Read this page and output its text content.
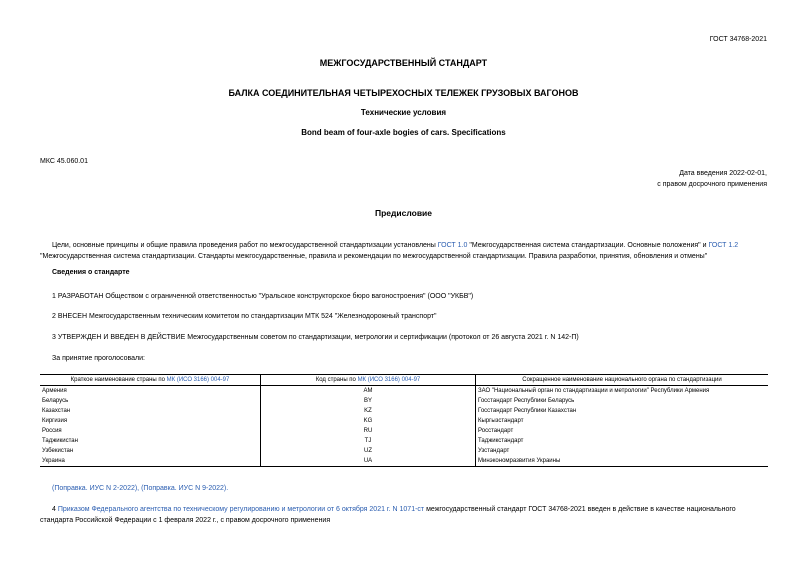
ГОСТ 34768-2021
МЕЖГОСУДАРСТВЕННЫЙ СТАНДАРТ
БАЛКА СОЕДИНИТЕЛЬНАЯ ЧЕТЫРЕХОСНЫХ ТЕЛЕЖЕК ГРУЗОВЫХ ВАГОНОВ
Технические условия
Bond beam of four-axle bogies of cars. Specifications
МКС 45.060.01
Дата введения 2022-02-01,
с правом досрочного применения
Предисловие
Цели, основные принципы и общие правила проведения работ по межгосударственной стандартизации установлены ГОСТ 1.0 "Межгосударственная система стандартизации. Основные положения" и ГОСТ 1.2 "Межгосударственная система стандартизации. Стандарты межгосударственные, правила и рекомендации по межгосударственной стандартизации. Правила разработки, принятия, обновления и отмены"
Сведения о стандарте
1 РАЗРАБОТАН Обществом с ограниченной ответственностью "Уральское конструкторское бюро вагоностроения" (ООО "УКБВ")
2 ВНЕСЕН Межгосударственным техническим комитетом по стандартизации МТК 524 "Железнодорожный транспорт"
3 УТВЕРЖДЕН И ВВЕДЕН В ДЕЙСТВИЕ Межгосударственным советом по стандартизации, метрологии и сертификации (протокол от 26 августа 2021 г. N 142-П)
За принятие проголосовали:
Краткое наименование страны по МК (ИСО 3166) 004-97	Код страны по МК (ИСО 3166) 004-97	Сокращенное наименование национального органа по стандартизации
Армения	AM	ЗАО "Национальный орган по стандартизации и метрологии" Республики Армения
Беларусь	BY	Госстандарт Республики Беларусь
Казахстан	KZ	Госстандарт Республики Казахстан
Киргизия	KG	Кыргызстандарт
Россия	RU	Росстандарт
Таджикистан	TJ	Таджикстандарт
Узбекистан	UZ	Узстандарт
Украина	UA	Минэкономразвития Украины
(Поправка. ИУС N 2-2022), (Поправка. ИУС N 9-2022).
4 Приказом Федерального агентства по техническому регулированию и метрологии от 6 октября 2021 г. N 1071-ст межгосударственный стандарт ГОСТ 34768-2021 введен в действие в качестве национального стандарта Российской Федерации с 1 февраля 2022 г., с правом досрочного применения
